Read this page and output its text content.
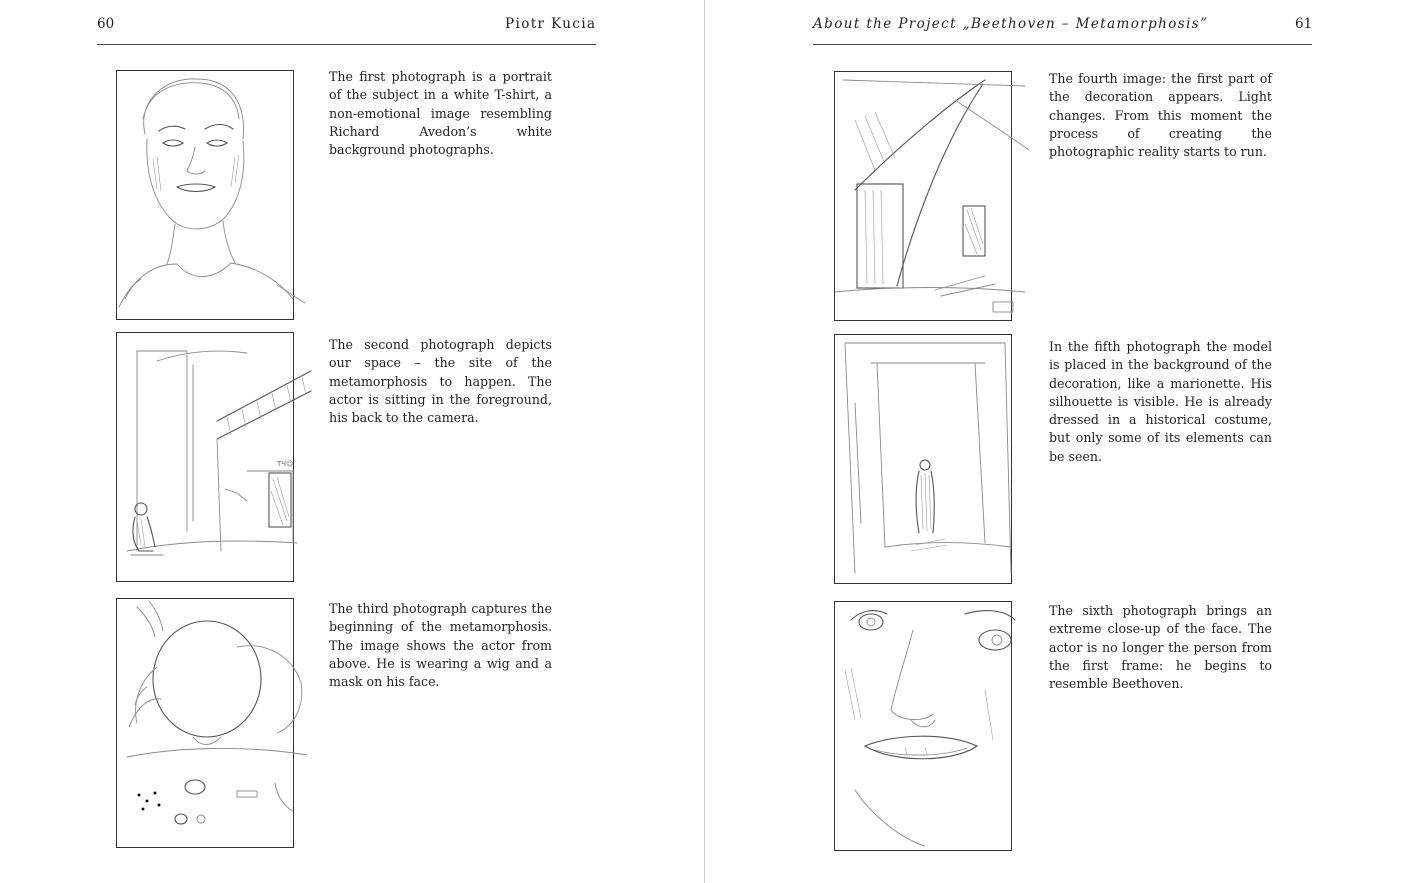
60	Piotr Kucia
The first photograph is a portrait of the subject in a white T-shirt, a non-emotional image resembling Richard Avedon’s white background photographs.
ТЧ☺
The second photograph depicts our space – the site of the metamorphosis to happen. The actor is sitting in the foreground, his back to the camera.
The third photograph captures the beginning of the metamorphosis. The image shows the actor from above. He is wearing a wig and a mask on his face.
About the Project „Beethoven – Metamorphosis”	61
The fourth image: the first part of the decoration appears. Light changes. From this moment the process of creating the photographic reality starts to run.
In the fifth photograph the model is placed in the background of the decoration, like a marionette. His silhouette is visible. He is already dressed in a historical costume, but only some of its elements can be seen.
The sixth photograph brings an extreme close-up of the face. The actor is no longer the person from the first frame: he begins to resemble Beethoven.
